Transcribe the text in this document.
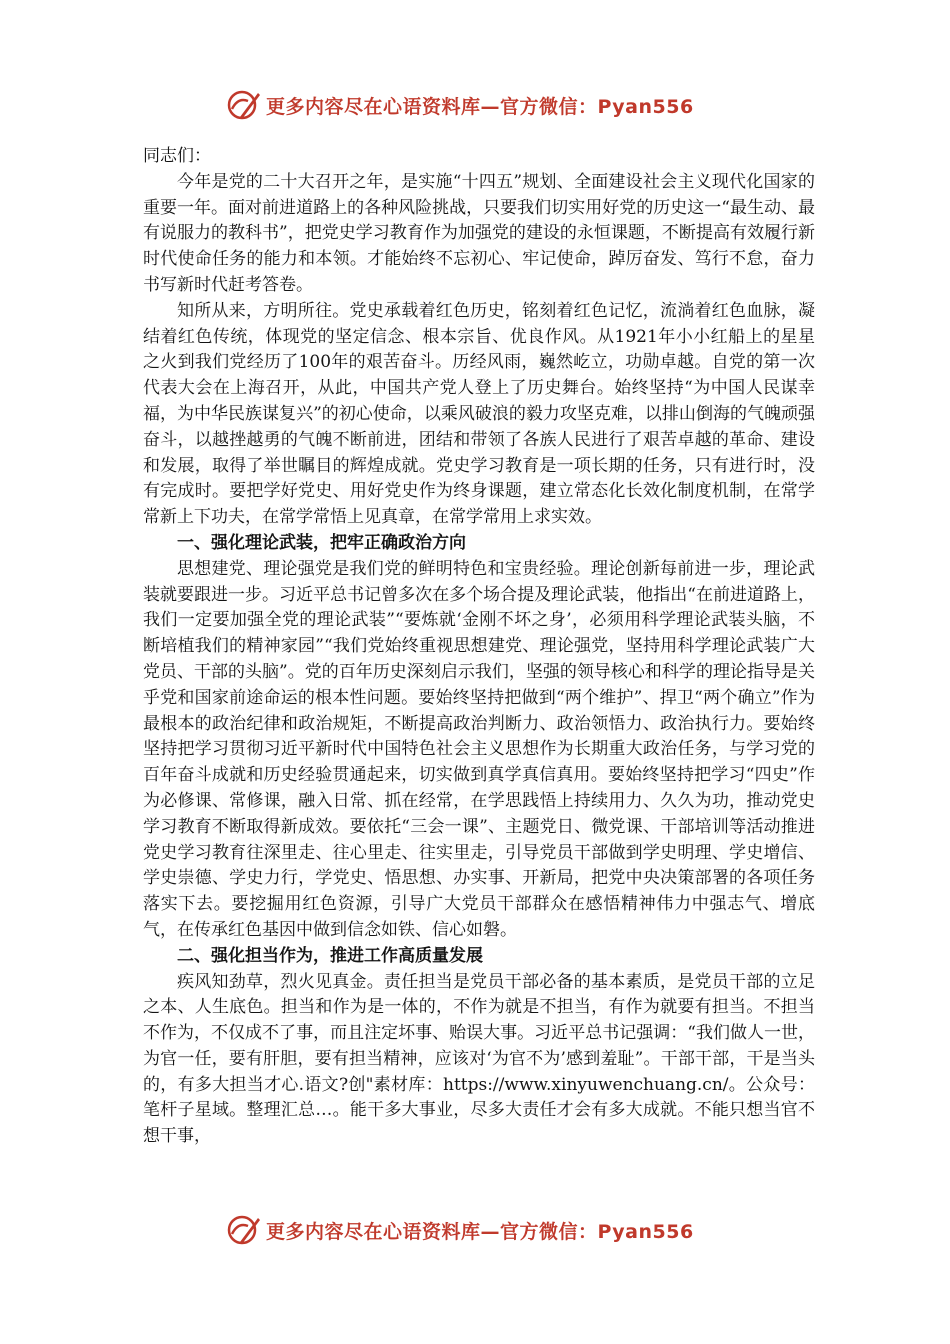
更多内容尽在心语资料库—官方微信：Pyan556

同志们：

今年是党的二十大召开之年，是实施“十四五”规划、全面建设社会主义现代化国家的重要一年。面对前进道路上的各种风险挑战，只要我们切实用好党的历史这一“最生动、最有说服力的教科书”，把党史学习教育作为加强党的建设的永恒课题，不断提高有效履行新时代使命任务的能力和本领。才能始终不忘初心、牢记使命，踔厉奋发、笃行不怠，奋力书写新时代赶考答卷。

知所从来，方明所往。党史承载着红色历史，铭刻着红色记忆，流淌着红色血脉，凝结着红色传统，体现党的坚定信念、根本宗旨、优良作风。从1921年小小红船上的星星之火到我们党经历了100年的艰苦奋斗。历经风雨，巍然屹立，功勋卓越。自党的第一次代表大会在上海召开，从此，中国共产党人登上了历史舞台。始终坚持“为中国人民谋幸福，为中华民族谋复兴”的初心使命，以乘风破浪的毅力攻坚克难，以排山倒海的气魄顽强奋斗，以越挫越勇的气魄不断前进，团结和带领了各族人民进行了艰苦卓越的革命、建设和发展，取得了举世瞩目的辉煌成就。党史学习教育是一项长期的任务，只有进行时，没有完成时。要把学好党史、用好党史作为终身课题，建立常态化长效化制度机制，在常学常新上下功夫，在常学常悟上见真章，在常学常用上求实效。

一、强化理论武装，把牢正确政治方向

思想建党、理论强党是我们党的鲜明特色和宝贵经验。理论创新每前进一步，理论武装就要跟进一步。习近平总书记曾多次在多个场合提及理论武装，他指出“在前进道路上，我们一定要加强全党的理论武装”“要炼就‘金刚不坏之身’，必须用科学理论武装头脑，不断培植我们的精神家园”“我们党始终重视思想建党、理论强党，坚持用科学理论武装广大党员、干部的头脑”。党的百年历史深刻启示我们，坚强的领导核心和科学的理论指导是关乎党和国家前途命运的根本性问题。要始终坚持把做到“两个维护”、捍卫“两个确立”作为最根本的政治纪律和政治规矩，不断提高政治判断力、政治领悟力、政治执行力。要始终坚持把学习贯彻习近平新时代中国特色社会主义思想作为长期重大政治任务，与学习党的百年奋斗成就和历史经验贯通起来，切实做到真学真信真用。要始终坚持把学习“四史”作为必修课、常修课，融入日常、抓在经常，在学思践悟上持续用力、久久为功，推动党史学习教育不断取得新成效。要依托“三会一课”、主题党日、微党课、干部培训等活动推进党史学习教育往深里走、往心里走、往实里走，引导党员干部做到学史明理、学史增信、学史崇德、学史力行，学党史、悟思想、办实事、开新局，把党中央决策部署的各项任务落实下去。要挖掘用红色资源，引导广大党员干部群众在感悟精神伟力中强志气、增底气，在传承红色基因中做到信念如铁、信心如磐。

二、强化担当作为，推进工作高质量发展

疾风知劲草，烈火见真金。责任担当是党员干部必备的基本素质，是党员干部的立足之本、人生底色。担当和作为是一体的，不作为就是不担当，有作为就要有担当。不担当不作为，不仅成不了事，而且注定坏事、贻误大事。习近平总书记强调：“我们做人一世，为官一任，要有肝胆，要有担当精神，应该对‘为官不为’感到羞耻”。干部干部，干是当头的，有多大担当才心.语文?创"素材库：https://www.xinyuwenchuang.cn/。公众号：笔杆子星域。整理汇总…。能干多大事业，尽多大责任才会有多大成就。不能只想当官不想干事，

更多内容尽在心语资料库—官方微信：Pyan556
